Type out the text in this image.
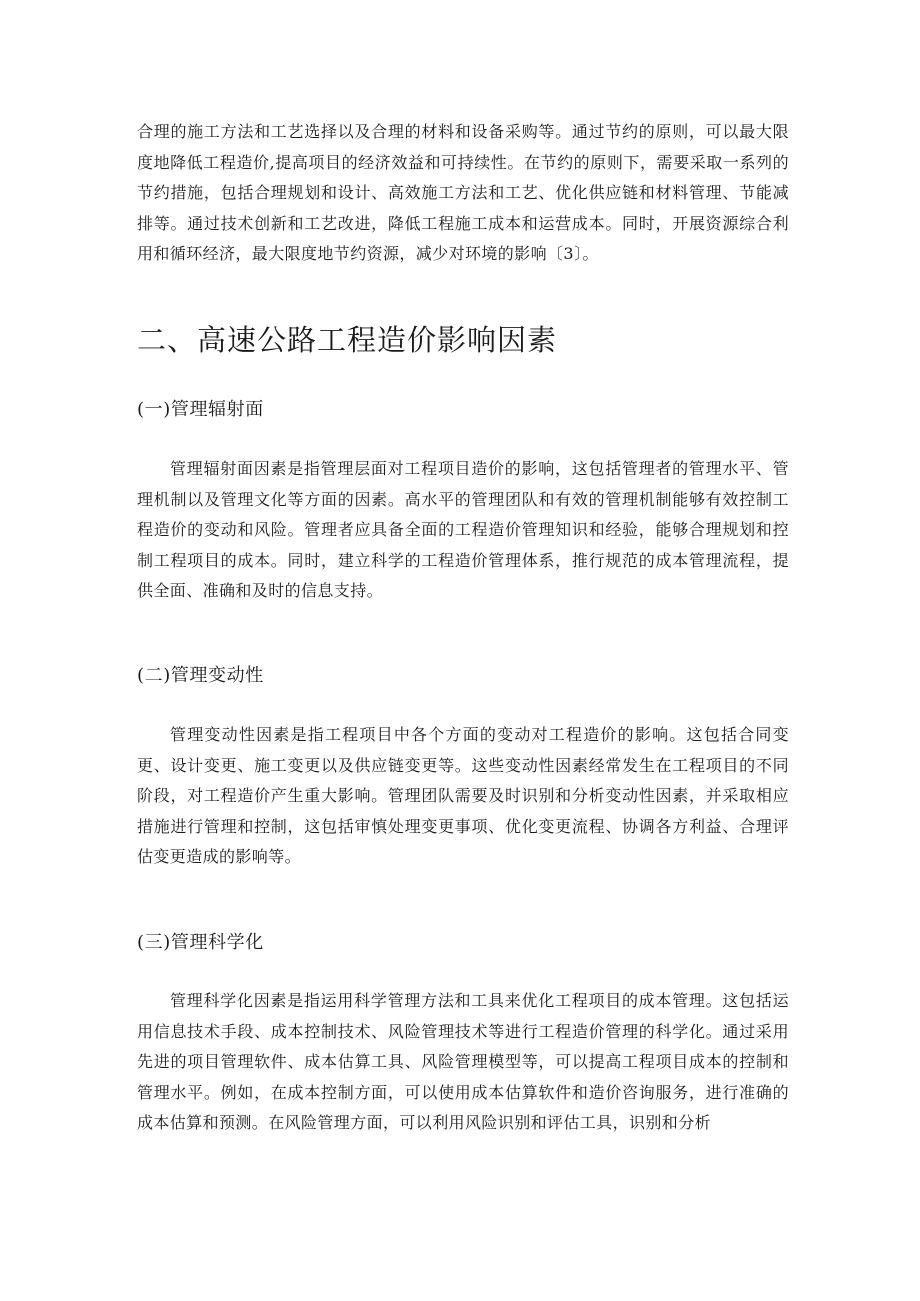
合理的施工方法和工艺选择以及合理的材料和设备采购等。通过节约的原则，可以最大限度地降低工程造价,提高项目的经济效益和可持续性。在节约的原则下，需要采取一系列的节约措施，包括合理规划和设计、高效施工方法和工艺、优化供应链和材料管理、节能减排等。通过技术创新和工艺改进，降低工程施工成本和运营成本。同时，开展资源综合利用和循环经济，最大限度地节约资源，减少对环境的影响〔3〕。

二、高速公路工程造价影响因素
(一)管理辐射面

管理辐射面因素是指管理层面对工程项目造价的影响，这包括管理者的管理水平、管理机制以及管理文化等方面的因素。高水平的管理团队和有效的管理机制能够有效控制工程造价的变动和风险。管理者应具备全面的工程造价管理知识和经验，能够合理规划和控制工程项目的成本。同时，建立科学的工程造价管理体系，推行规范的成本管理流程，提供全面、准确和及时的信息支持。

(二)管理变动性

管理变动性因素是指工程项目中各个方面的变动对工程造价的影响。这包括合同变更、设计变更、施工变更以及供应链变更等。这些变动性因素经常发生在工程项目的不同阶段，对工程造价产生重大影响。管理团队需要及时识别和分析变动性因素，并采取相应措施进行管理和控制，这包括审慎处理变更事项、优化变更流程、协调各方利益、合理评估变更造成的影响等。

(三)管理科学化

管理科学化因素是指运用科学管理方法和工具来优化工程项目的成本管理。这包括运用信息技术手段、成本控制技术、风险管理技术等进行工程造价管理的科学化。通过采用先进的项目管理软件、成本估算工具、风险管理模型等，可以提高工程项目成本的控制和管理水平。例如，在成本控制方面，可以使用成本估算软件和造价咨询服务，进行准确的成本估算和预测。在风险管理方面，可以利用风险识别和评估工具，识别和分析
